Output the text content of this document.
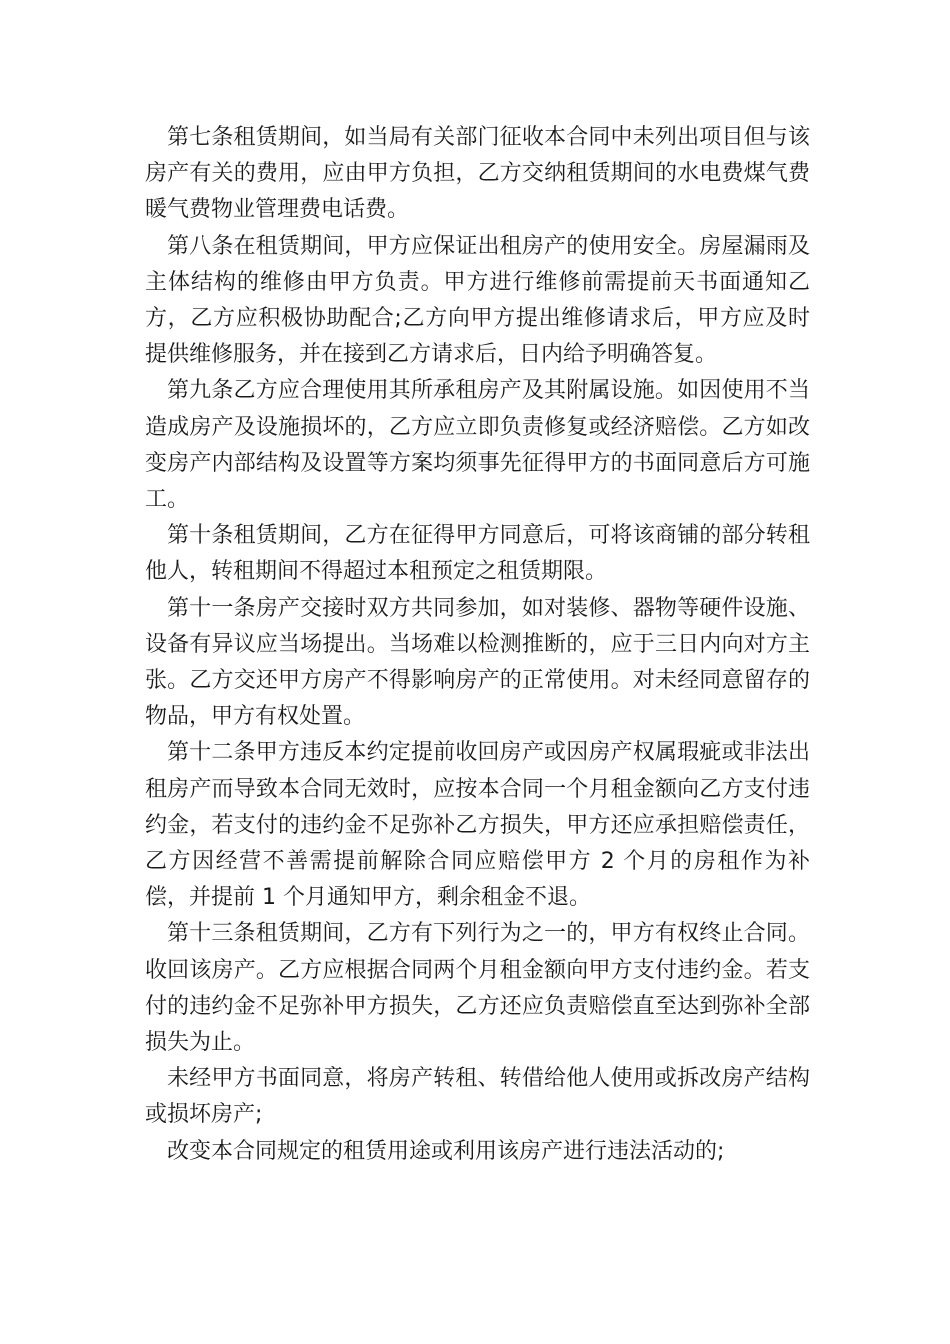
第七条租赁期间，如当局有关部门征收本合同中未列出项目但与该房产有关的费用，应由甲方负担，乙方交纳租赁期间的水电费煤气费暖气费物业管理费电话费。

第八条在租赁期间，甲方应保证出租房产的使用安全。房屋漏雨及主体结构的维修由甲方负责。甲方进行维修前需提前天书面通知乙方，乙方应积极协助配合;乙方向甲方提出维修请求后，甲方应及时提供维修服务，并在接到乙方请求后，日内给予明确答复。

第九条乙方应合理使用其所承租房产及其附属设施。如因使用不当造成房产及设施损坏的，乙方应立即负责修复或经济赔偿。乙方如改变房产内部结构及设置等方案均须事先征得甲方的书面同意后方可施工。

第十条租赁期间，乙方在征得甲方同意后，可将该商铺的部分转租他人，转租期间不得超过本租预定之租赁期限。

第十一条房产交接时双方共同参加，如对装修、器物等硬件设施、设备有异议应当场提出。当场难以检测推断的，应于三日内向对方主张。乙方交还甲方房产不得影响房产的正常使用。对未经同意留存的物品，甲方有权处置。

第十二条甲方违反本约定提前收回房产或因房产权属瑕疵或非法出租房产而导致本合同无效时，应按本合同一个月租金额向乙方支付违约金，若支付的违约金不足弥补乙方损失，甲方还应承担赔偿责任，乙方因经营不善需提前解除合同应赔偿甲方 2 个月的房租作为补偿，并提前 1 个月通知甲方，剩余租金不退。

第十三条租赁期间，乙方有下列行为之一的，甲方有权终止合同。收回该房产。乙方应根据合同两个月租金额向甲方支付违约金。若支付的违约金不足弥补甲方损失，乙方还应负责赔偿直至达到弥补全部损失为止。

未经甲方书面同意，将房产转租、转借给他人使用或拆改房产结构或损坏房产;

改变本合同规定的租赁用途或利用该房产进行违法活动的;
